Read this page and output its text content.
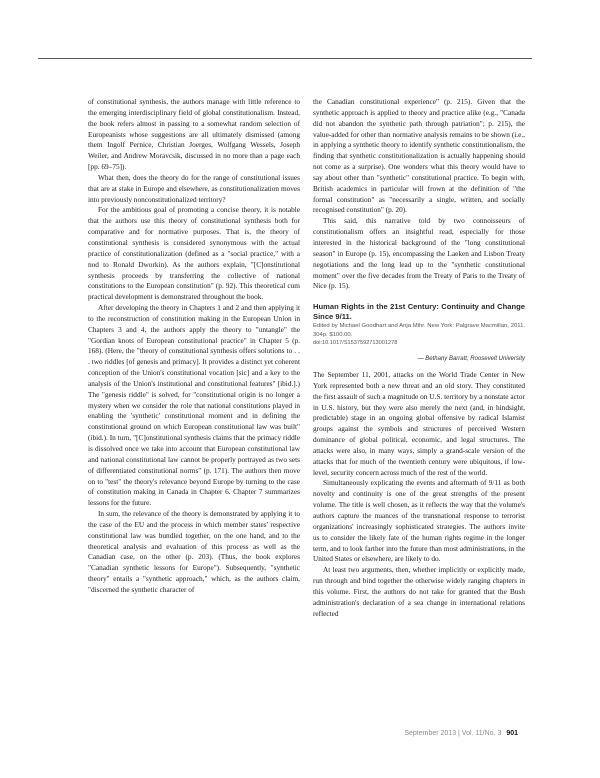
of constitutional synthesis, the authors manage with little reference to the emerging interdisciplinary field of global constitutionalism. Instead, the book refers almost in passing to a somewhat random selection of Europeanists whose suggestions are all ultimately dismissed (among them Ingolf Pernice, Christian Joerges, Wolfgang Wessels, Joseph Weiler, and Andrew Moravcsik, discussed in no more than a page each [pp. 69–75]).

What then, does the theory do for the range of constitutional issues that are at stake in Europe and elsewhere, as constitutionalization moves into previously nonconstitutionalized territory?

For the ambitious goal of promoting a concise theory, it is notable that the authors use this theory of constitutional synthesis both for comparative and for normative purposes. That is, the theory of constitutional synthesis is considered synonymous with the actual practice of constitutionalization (defined as a "social practice," with a nod to Ronald Dworkin). As the authors explain, "[C]onstitutional synthesis proceeds by transferring the collective of national constitutions to the European constitution" (p. 92). This theoretical cum practical development is demonstrated throughout the book.

After developing the theory in Chapters 1 and 2 and then applying it to the reconstruction of constitution making in the European Union in Chapters 3 and 4, the authors apply the theory to "untangle" the "Gordian knots of European constitutional practice" in Chapter 5 (p. 168). (Here, the "theory of constitutional synthesis offers solutions to . . . two riddles [of genesis and primacy]. It provides a distinct yet coherent conception of the Union's constitutional vocation [sic] and a key to the analysis of the Union's institutional and constitutional features" [ibid.].) The "genesis riddle" is solved, for "constitutional origin is no longer a mystery when we consider the role that national constitutions played in enabling the 'synthetic' constitutional moment and in defining the constitutional ground on which European constitutional law was built" (ibid.). In turn, "[C]onstitutional synthesis claims that the primacy riddle is dissolved once we take into account that European constitutional law and national constitutional law cannot be properly portrayed as two sets of differentiated constitutional norms" (p. 171). The authors then move on to "test" the theory's relevance beyond Europe by turning to the case of constitution making in Canada in Chapter 6. Chapter 7 summarizes lessons for the future.

In sum, the relevance of the theory is demonstrated by applying it to the case of the EU and the process in which member states' respective constitutional law was bundled together, on the one hand, and to the theoretical analysis and evaluation of this process as well as the Canadian case, on the other (p. 203). (Thus, the book explores "Canadian synthetic lessons for Europe"). Subsequently, "synthetic theory" entails a "synthetic approach," which, as the authors claim, "discerned the synthetic character of

the Canadian constitutional experience" (p. 215). Given that the synthetic approach is applied to theory and practice alike (e.g., "Canada did not abandon the synthetic path through patriation"; p. 215), the value-added for other than normative analysis remains to be shown (i.e., in applying a synthetic theory to identify synthetic constitutionalism, the finding that synthetic constitutionalization is actually happening should not come as a surprise). One wonders what this theory would have to say about other than "synthetic" constitutional practice. To begin with, British academics in particular will frown at the definition of "the formal constitution" as "necessarily a single, written, and socially recognised constitution" (p. 20).

This said, this narrative told by two connoisseurs of constitutionalism offers an insightful read, especially for those interested in the historical background of the "long constitutional season" in Europe (p. 15), encompassing the Laeken and Lisbon Treaty negotiations and the long lead up to the "synthetic constitutional moment" over the five decades from the Treaty of Paris to the Treaty of Nice (p. 15).

Human Rights in the 21st Century: Continuity and Change Since 9/11.
Edited by Michael Goodhart and Anja Mihr. New York: Palgrave Macmillan, 2011. 304p. $100.00.
doi:10.1017/S1537592713001278
— Bethany Barratt, Roosevelt University

The September 11, 2001, attacks on the World Trade Center in New York represented both a new threat and an old story. They constituted the first assault of such a magnitude on U.S. territory by a nonstate actor in U.S. history, but they were also merely the next (and, in hindsight, predictable) stage in an ongoing global offensive by radical Islamist groups against the symbols and structures of perceived Western dominance of global political, economic, and legal structures. The attacks were also, in many ways, simply a grand-scale version of the attacks that for much of the twentieth century were ubiquitous, if low-level, security concern across much of the rest of the world.

Simultaneously explicating the events and aftermath of 9/11 as both novelty and continuity is one of the great strengths of the present volume. The title is well chosen, as it reflects the way that the volume's authors capture the nuances of the transnational response to terrorist organizations' increasingly sophisticated strategies. The authors invite us to consider the likely fate of the human rights regime in the longer term, and to look farther into the future than most administrations, in the United States or elsewhere, are likely to do.

At least two arguments, then, whether implicitly or explicitly made, run through and bind together the otherwise widely ranging chapters in this volume. First, the authors do not take for granted that the Bush administration's declaration of a sea change in international relations reflected

September 2013 | Vol. 11/No. 3 901
